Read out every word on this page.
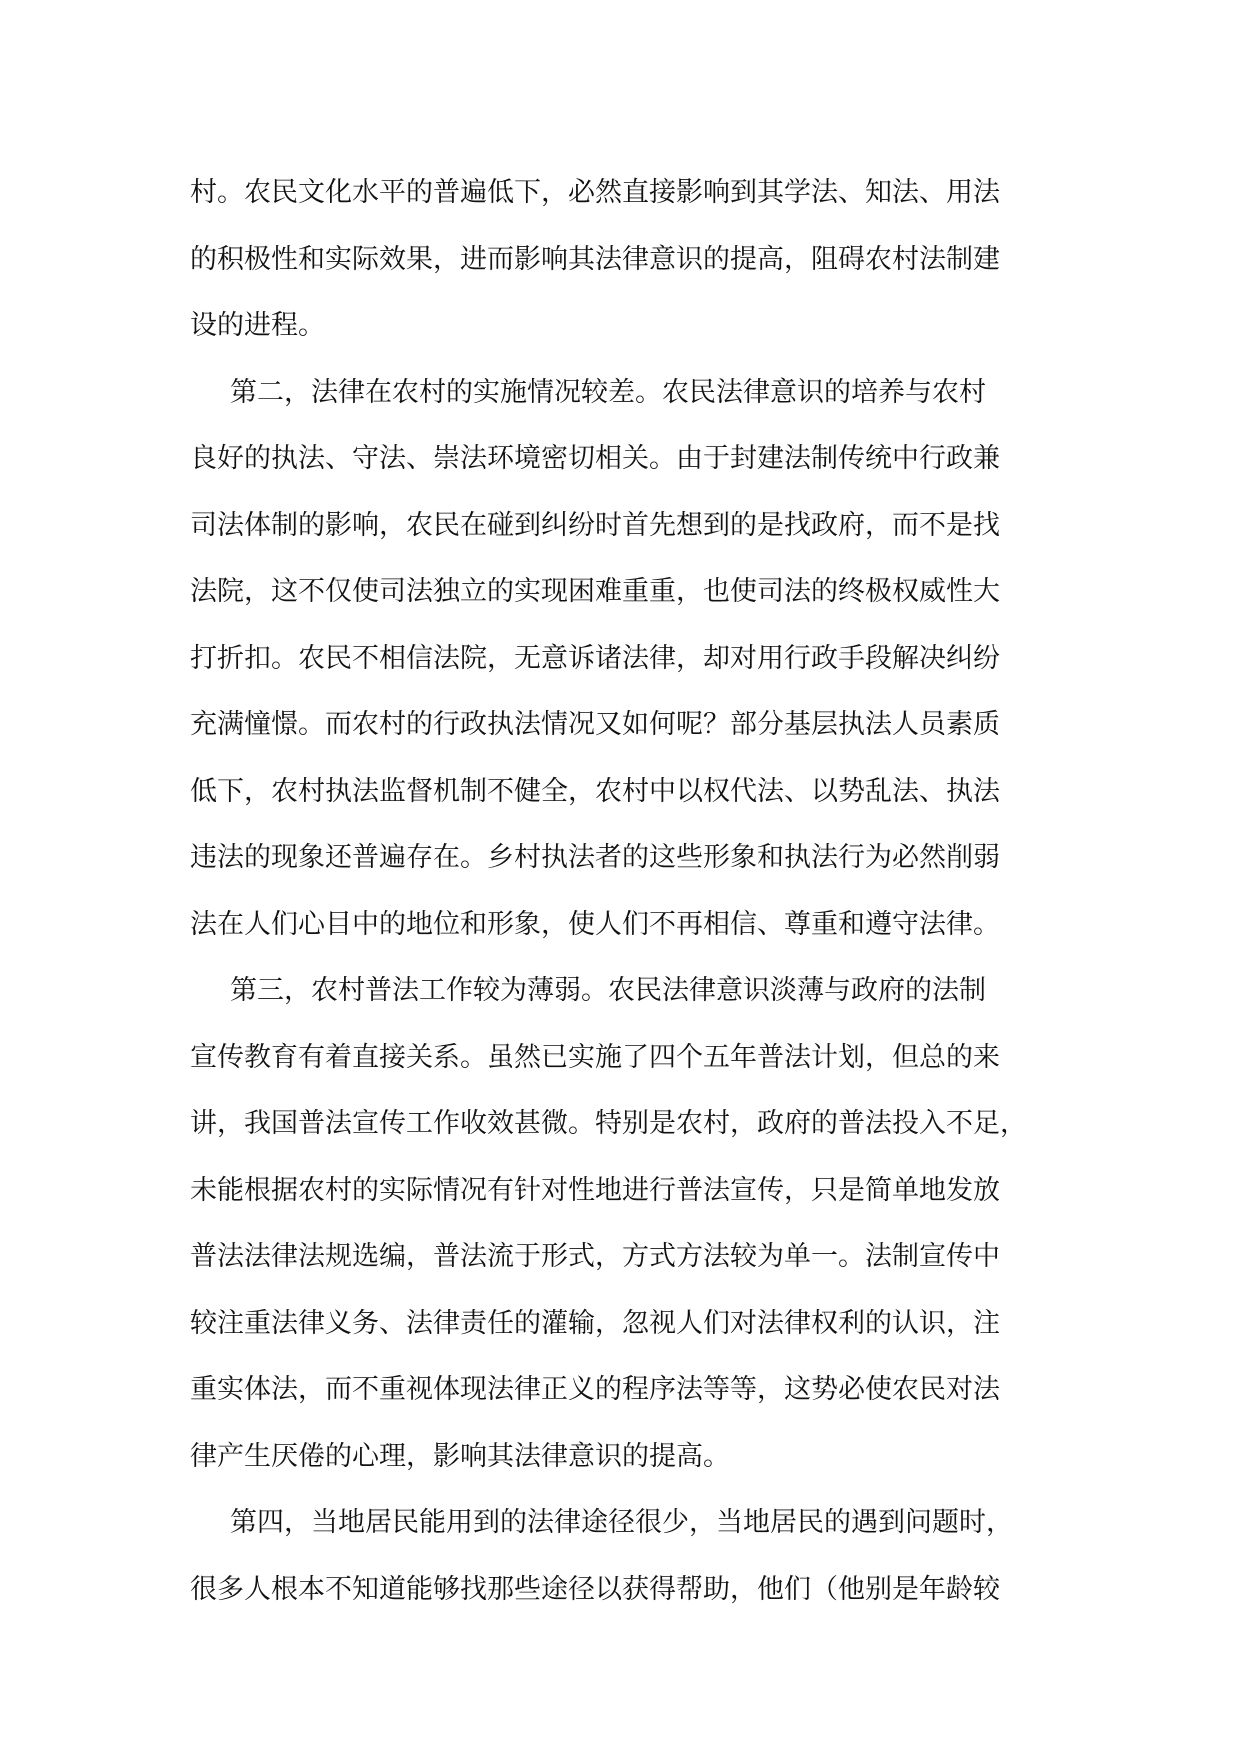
村。农民文化水平的普遍低下，必然直接影响到其学法、知法、用法
的积极性和实际效果，进而影响其法律意识的提高，阻碍农村法制建
设的进程。
第二，法律在农村的实施情况较差。农民法律意识的培养与农村
良好的执法、守法、崇法环境密切相关。由于封建法制传统中行政兼
司法体制的影响，农民在碰到纠纷时首先想到的是找政府，而不是找
法院，这不仅使司法独立的实现困难重重，也使司法的终极权威性大
打折扣。农民不相信法院，无意诉诸法律，却对用行政手段解决纠纷
充满憧憬。而农村的行政执法情况又如何呢？部分基层执法人员素质
低下，农村执法监督机制不健全，农村中以权代法、以势乱法、执法
违法的现象还普遍存在。乡村执法者的这些形象和执法行为必然削弱
法在人们心目中的地位和形象，使人们不再相信、尊重和遵守法律。
第三，农村普法工作较为薄弱。农民法律意识淡薄与政府的法制
宣传教育有着直接关系。虽然已实施了四个五年普法计划，但总的来
讲，我国普法宣传工作收效甚微。特别是农村，政府的普法投入不足，
未能根据农村的实际情况有针对性地进行普法宣传，只是简单地发放
普法法律法规选编，普法流于形式，方式方法较为单一。法制宣传中
较注重法律义务、法律责任的灌输，忽视人们对法律权利的认识，注
重实体法，而不重视体现法律正义的程序法等等，这势必使农民对法
律产生厌倦的心理，影响其法律意识的提高。
第四，当地居民能用到的法律途径很少，当地居民的遇到问题时，
很多人根本不知道能够找那些途径以获得帮助，他们（他别是年龄较
